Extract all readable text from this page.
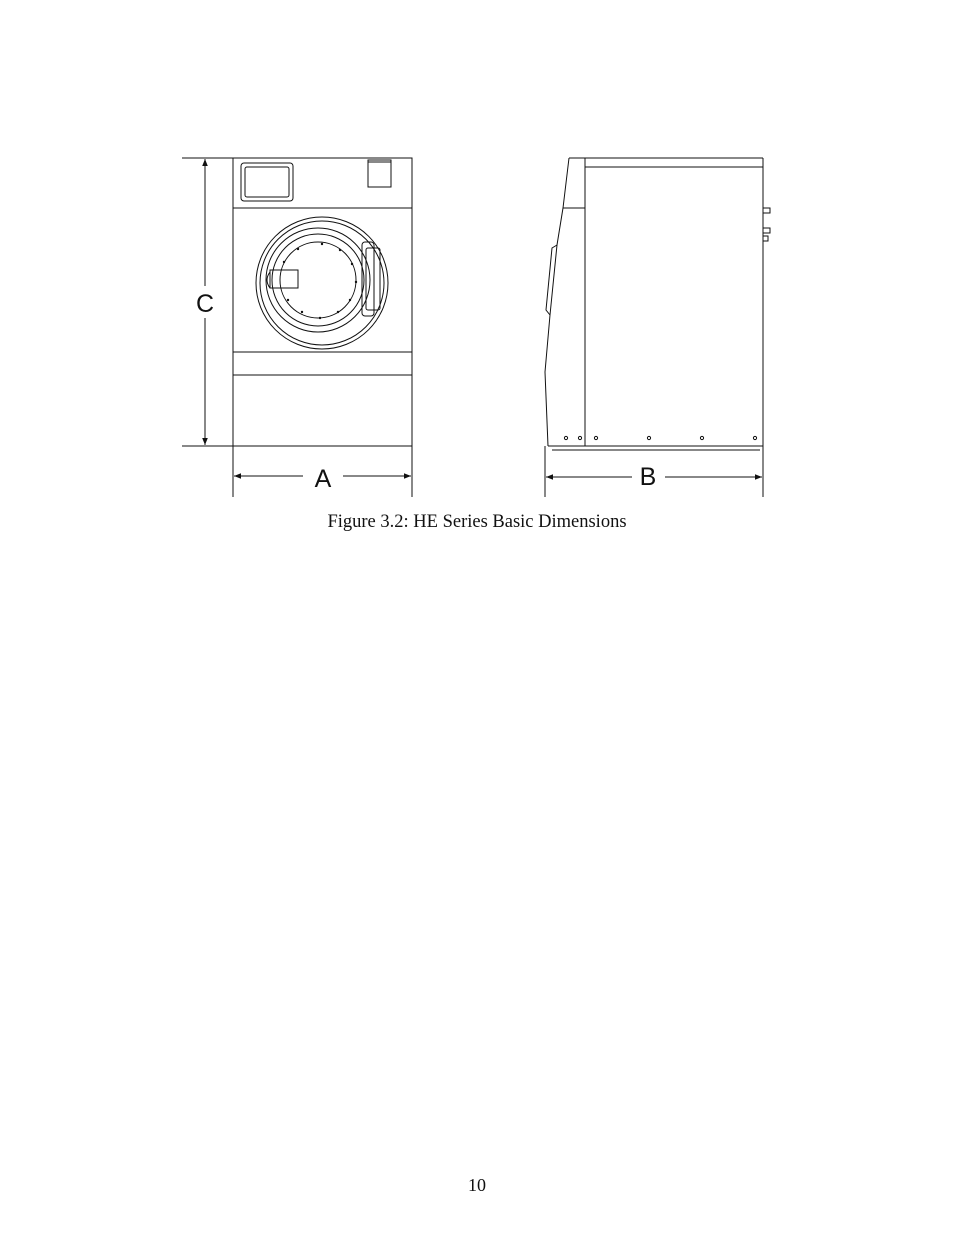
C
A	B
Figure 3.2: HE Series Basic Dimensions
10
